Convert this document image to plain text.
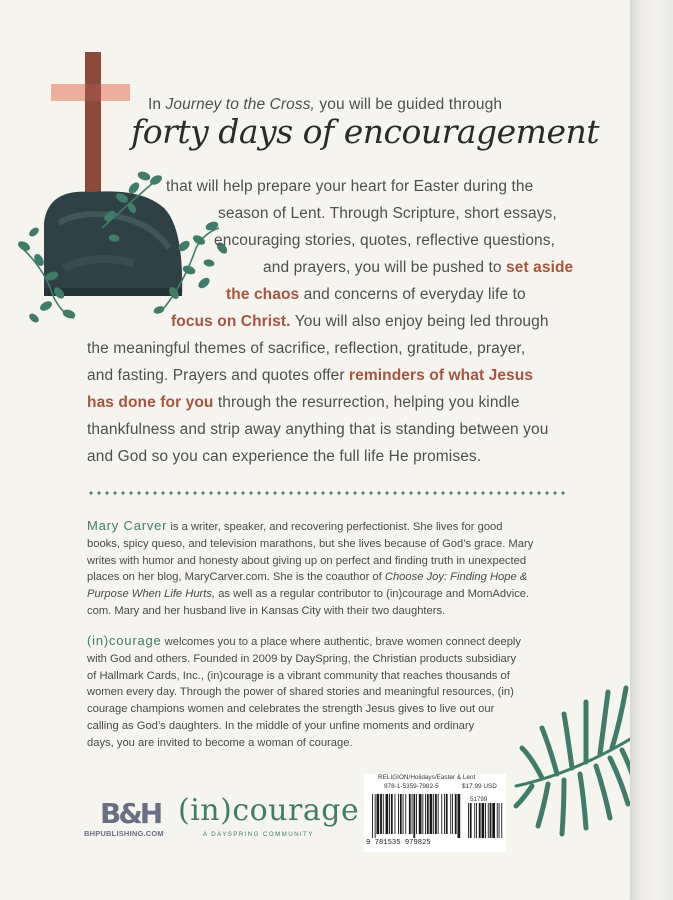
In Journey to the Cross, you will be guided through
forty days of encouragement
that will help prepare your heart for Easter during the
season of Lent. Through Scripture, short essays,
encouraging stories, quotes, reflective questions,
and prayers, you will be pushed to set aside
the chaos and concerns of everyday life to
focus on Christ. You will also enjoy being led through
the meaningful themes of sacrifice, reflection, gratitude, prayer,
and fasting. Prayers and quotes offer reminders of what Jesus
has done for you through the resurrection, helping you kindle
thankfulness and strip away anything that is standing between you
and God so you can experience the full life He promises.
Mary Carver is a writer, speaker, and recovering perfectionist. She lives for good
books, spicy queso, and television marathons, but she lives because of God’s grace. Mary
writes with humor and honesty about giving up on perfect and finding truth in unexpected
places on her blog, MaryCarver.com. She is the coauthor of Choose Joy: Finding Hope &
Purpose When Life Hurts, as well as a regular contributor to (in)courage and MomAdvice.
com. Mary and her husband live in Kansas City with their two daughters.
(in)courage welcomes you to a place where authentic, brave women connect deeply
with God and others. Founded in 2009 by DaySpring, the Christian products subsidiary
of Hallmark Cards, Inc., (in)courage is a vibrant community that reaches thousands of
women every day. Through the power of shared stories and meaningful resources, (in)
courage champions women and celebrates the strength Jesus gives to live out our
calling as God’s daughters. In the middle of your unfine moments and ordinary
days, you are invited to become a woman of courage.
B&H
BHPUBLISHING.COM
(in)courage
A DAYSPRING COMMUNITY
RELIGION/Holidays/Easter & Lent
978-1-5359-7982-5	$17.99 USD
51799
9 781535 979825
